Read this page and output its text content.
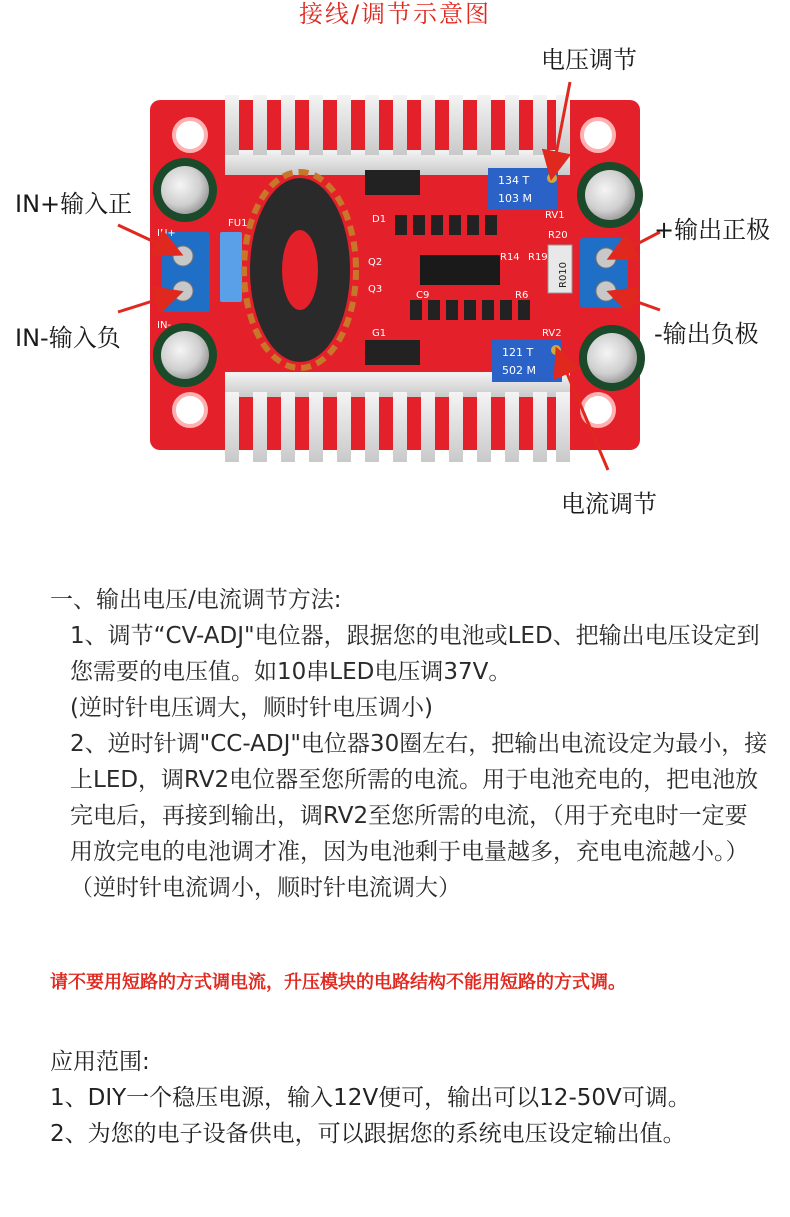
接线/调节示意图
134 T
103 M
121 T
502 M
R010
IN+
IN-
RV1
RV2
R20
R19
R14
FU1	D1
G1
C9
Q2
Q3
R6
电压调节
IN+输入正
IN-输入负
+输出正极
-输出负极
电流调节

一、输出电压/电流调节方法:

1、调节“CV-ADJ"电位器，跟据您的电池或LED、把输出电压设定到您需要的电压值。如10串LED电压调37V。

(逆时针电压调大，顺时针电压调小)

2、逆时针调"CC-ADJ"电位器30圈左右，把输出电流设定为最小，接上LED，调RV2电位器至您所需的电流。用于电池充电的，把电池放完电后，再接到输出，调RV2至您所需的电流，（用于充电时一定要用放完电的电池调才准，因为电池剩于电量越多，充电电流越小。）（逆时针电流调小，顺时针电流调大）

请不要用短路的方式调电流，升压模块的电路结构不能用短路的方式调。
应用范围:

1、DIY一个稳压电源，输入12V便可，输出可以12-50V可调。

2、为您的电子设备供电，可以跟据您的系统电压设定输出值。
